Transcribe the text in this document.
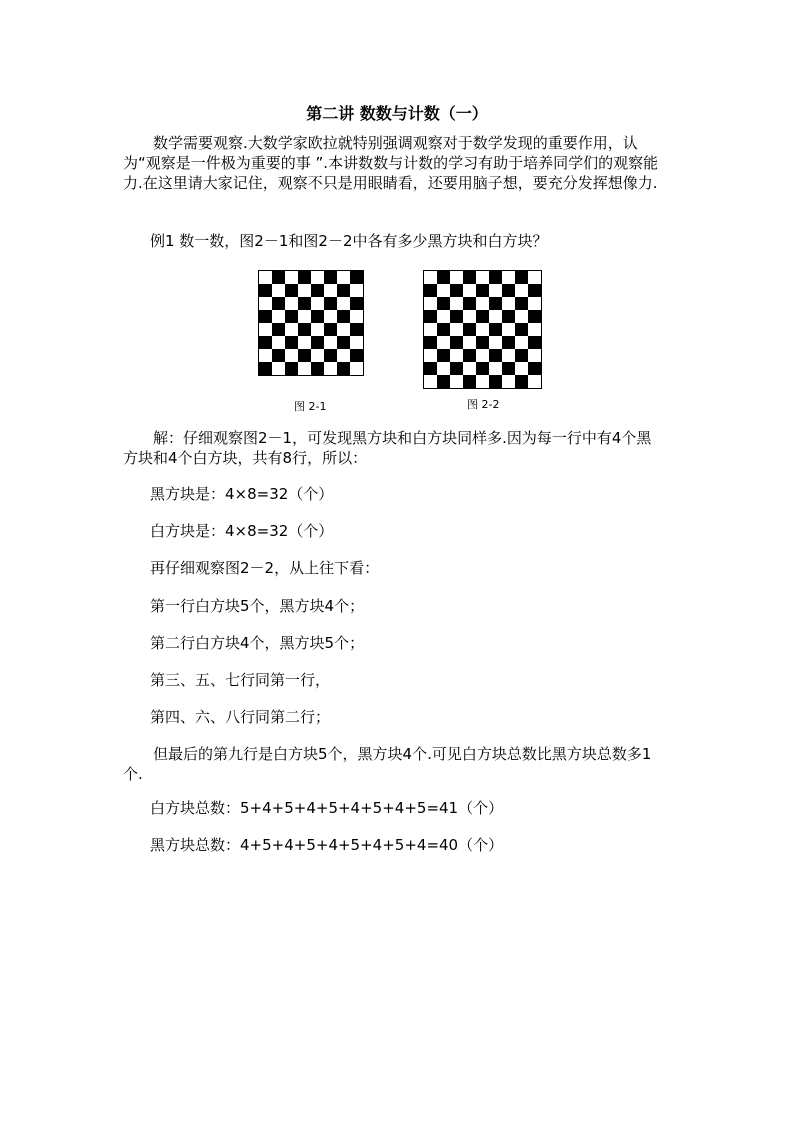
第二讲 数数与计数（一）
　　数学需要观察.大数学家欧拉就特别强调观察对于数学发现的重要作用，认为“观察是一件极为重要的事 ”.本讲数数与计数的学习有助于培养同学们的观察能力.在这里请大家记住，观察不只是用眼睛看，还要用脑子想，要充分发挥想像力.
例1 数一数，图2－1和图2－2中各有多少黑方块和白方块？
图 2-1	图 2-2
　　解：仔细观察图2－1，可发现黑方块和白方块同样多.因为每一行中有4个黑方块和4个白方块，共有8行，所以：
黑方块是：4×8=32（个）
白方块是：4×8=32（个）
再仔细观察图2－2，从上往下看：
第一行白方块5个，黑方块4个；
第二行白方块4个，黑方块5个；
第三、五、七行同第一行，
第四、六、八行同第二行；
　　但最后的第九行是白方块5个，黑方块4个.可见白方块总数比黑方块总数多1个.
白方块总数：5+4+5+4+5+4+5+4+5=41（个）
黑方块总数：4+5+4+5+4+5+4+5+4=40（个）
